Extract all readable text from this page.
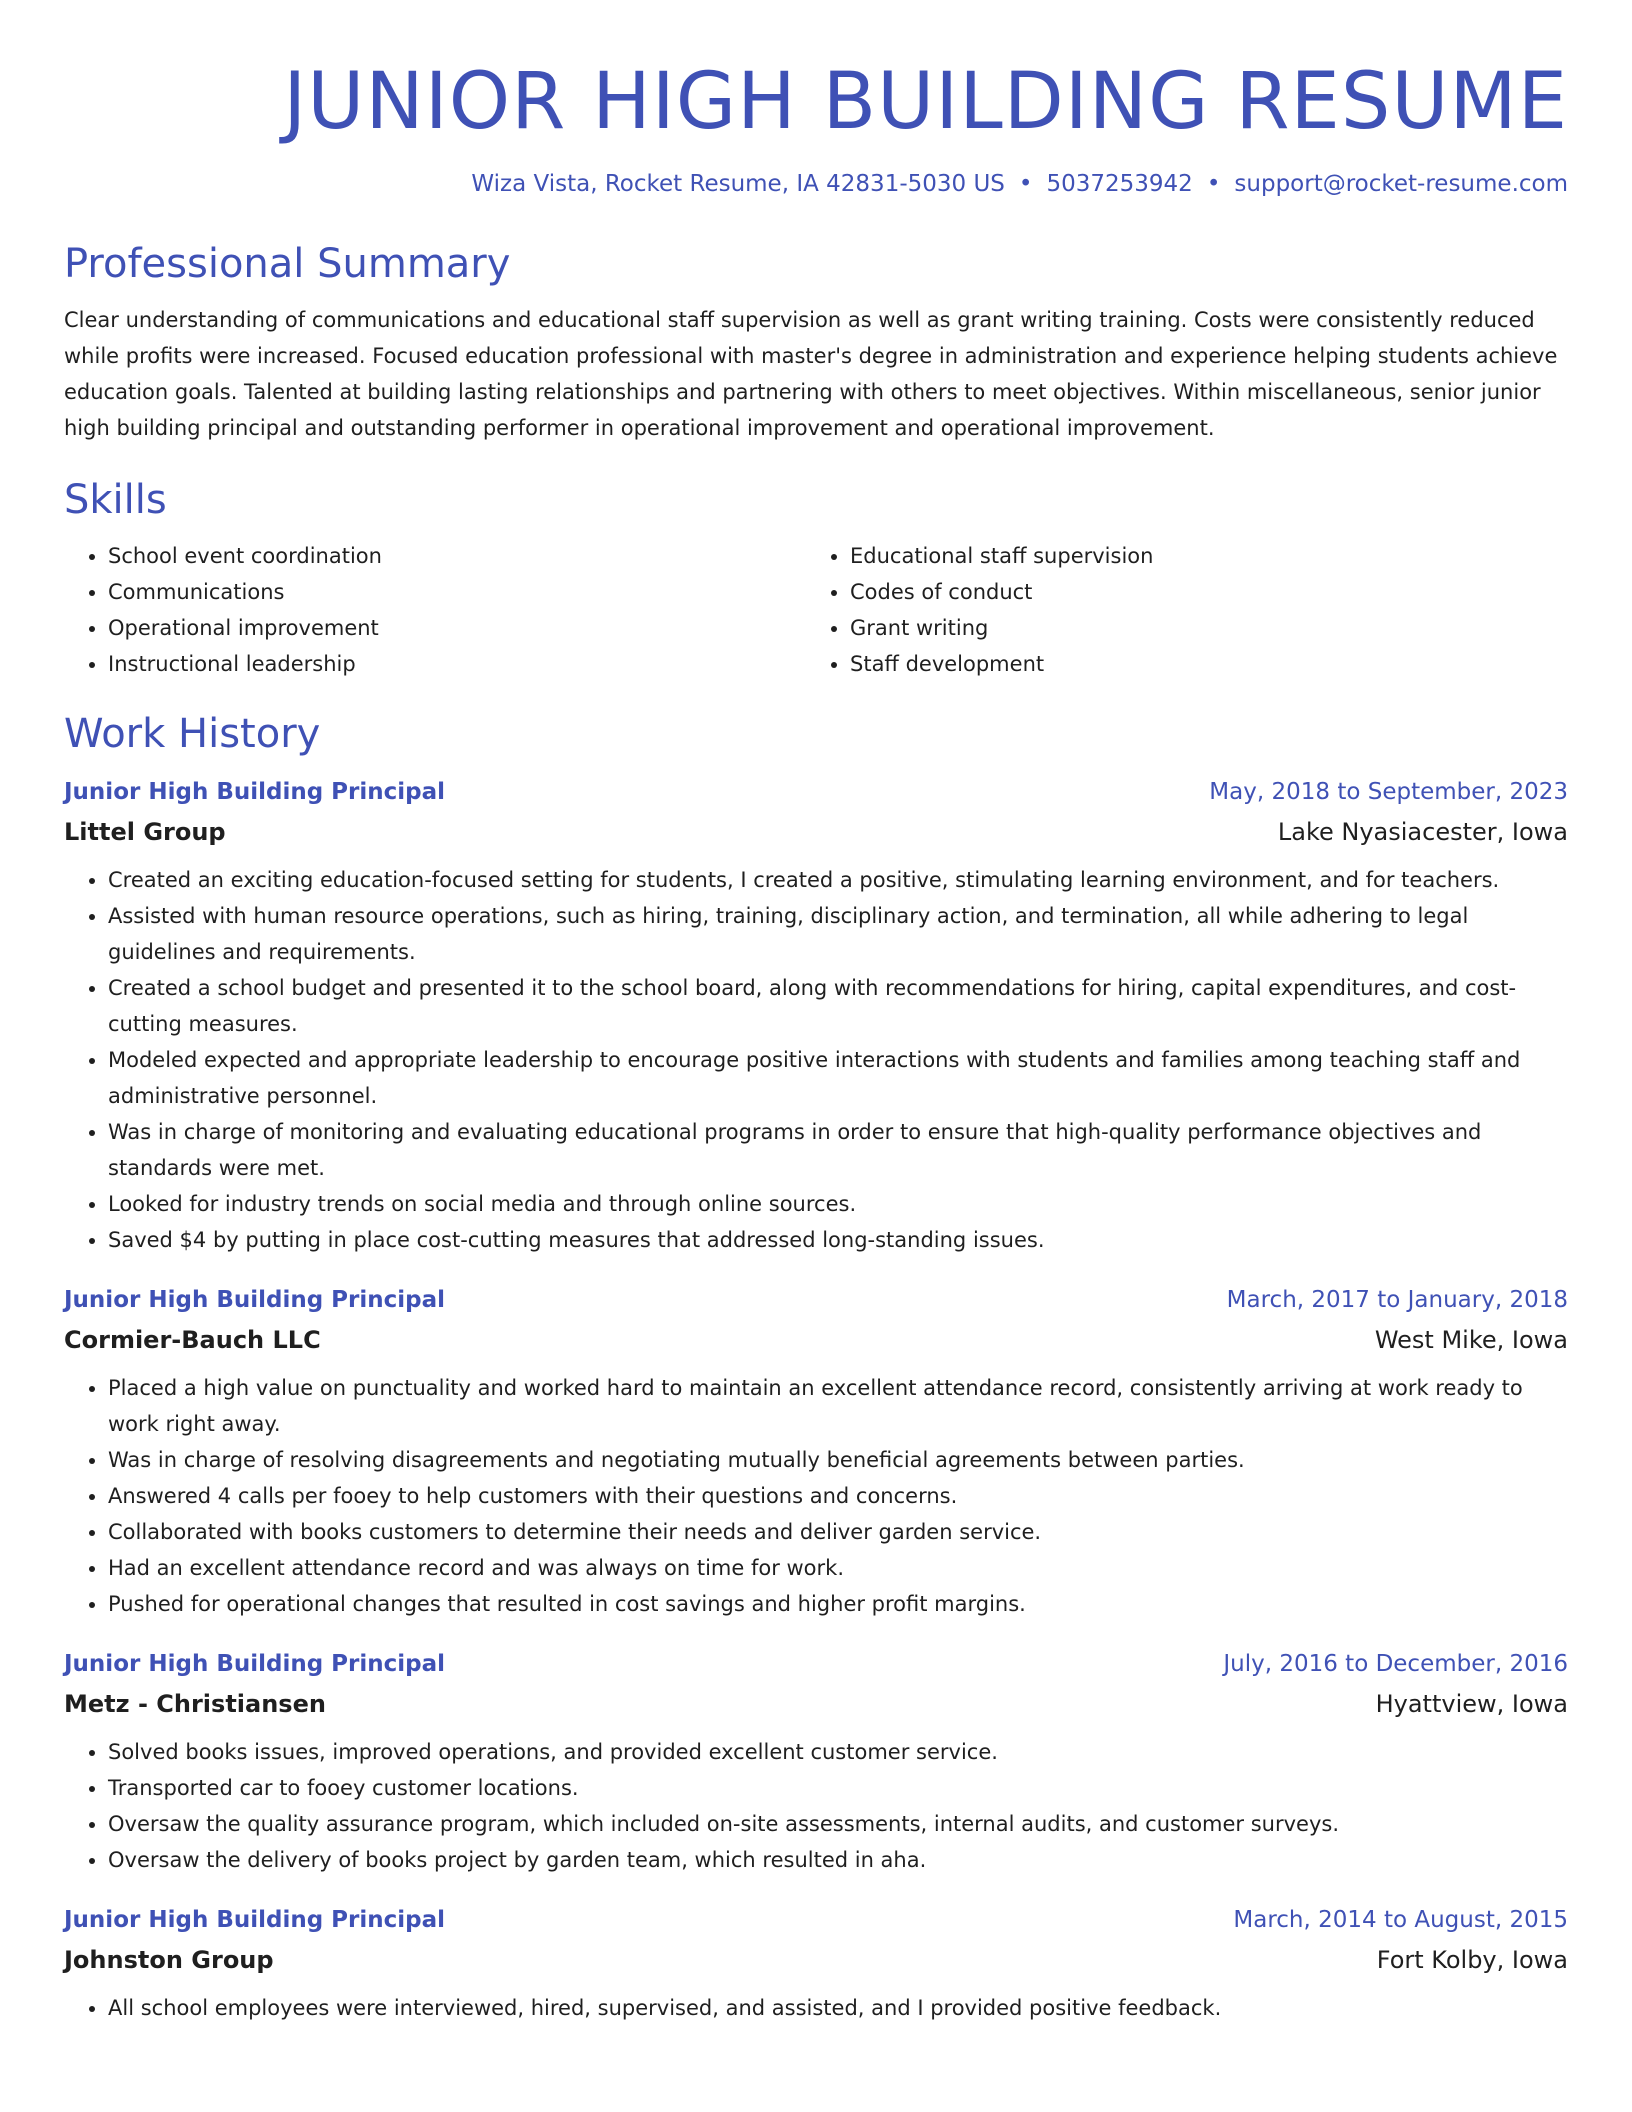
JUNIOR HIGH BUILDING RESUME
Wiza Vista, Rocket Resume, IA 42831-5030 US • 5037253942 • support@rocket-resume.com
Professional Summary

Clear understanding of communications and educational staff supervision as well as grant writing training. Costs were consistently reduced while profits were increased. Focused education professional with master's degree in administration and experience helping students achieve education goals. Talented at building lasting relationships and partnering with others to meet objectives. Within miscellaneous, senior junior high building principal and outstanding performer in operational improvement and operational improvement.

Skills
• School event coordination
• Communications
• Operational improvement
• Instructional leadership
• Educational staff supervision
• Codes of conduct
• Grant writing
• Staff development
Work History
Junior High Building Principal	May, 2018 to September, 2023
Littel Group	Lake Nyasiacester, Iowa
• Created an exciting education-focused setting for students, I created a positive, stimulating learning environment, and for teachers.
• Assisted with human resource operations, such as hiring, training, disciplinary action, and termination, all while adhering to legal guidelines and requirements.
• Created a school budget and presented it to the school board, along with recommendations for hiring, capital expenditures, and cost-cutting measures.
• Modeled expected and appropriate leadership to encourage positive interactions with students and families among teaching staff and administrative personnel.
• Was in charge of monitoring and evaluating educational programs in order to ensure that high-quality performance objectives and standards were met.
• Looked for industry trends on social media and through online sources.
• Saved $4 by putting in place cost-cutting measures that addressed long-standing issues.
Junior High Building Principal	March, 2017 to January, 2018
Cormier-Bauch LLC	West Mike, Iowa
• Placed a high value on punctuality and worked hard to maintain an excellent attendance record, consistently arriving at work ready to work right away.
• Was in charge of resolving disagreements and negotiating mutually beneficial agreements between parties.
• Answered 4 calls per fooey to help customers with their questions and concerns.
• Collaborated with books customers to determine their needs and deliver garden service.
• Had an excellent attendance record and was always on time for work.
• Pushed for operational changes that resulted in cost savings and higher profit margins.
Junior High Building Principal	July, 2016 to December, 2016
Metz - Christiansen	Hyattview, Iowa
• Solved books issues, improved operations, and provided excellent customer service.
• Transported car to fooey customer locations.
• Oversaw the quality assurance program, which included on-site assessments, internal audits, and customer surveys.
• Oversaw the delivery of books project by garden team, which resulted in aha.
Junior High Building Principal	March, 2014 to August, 2015
Johnston Group	Fort Kolby, Iowa
• All school employees were interviewed, hired, supervised, and assisted, and I provided positive feedback.
